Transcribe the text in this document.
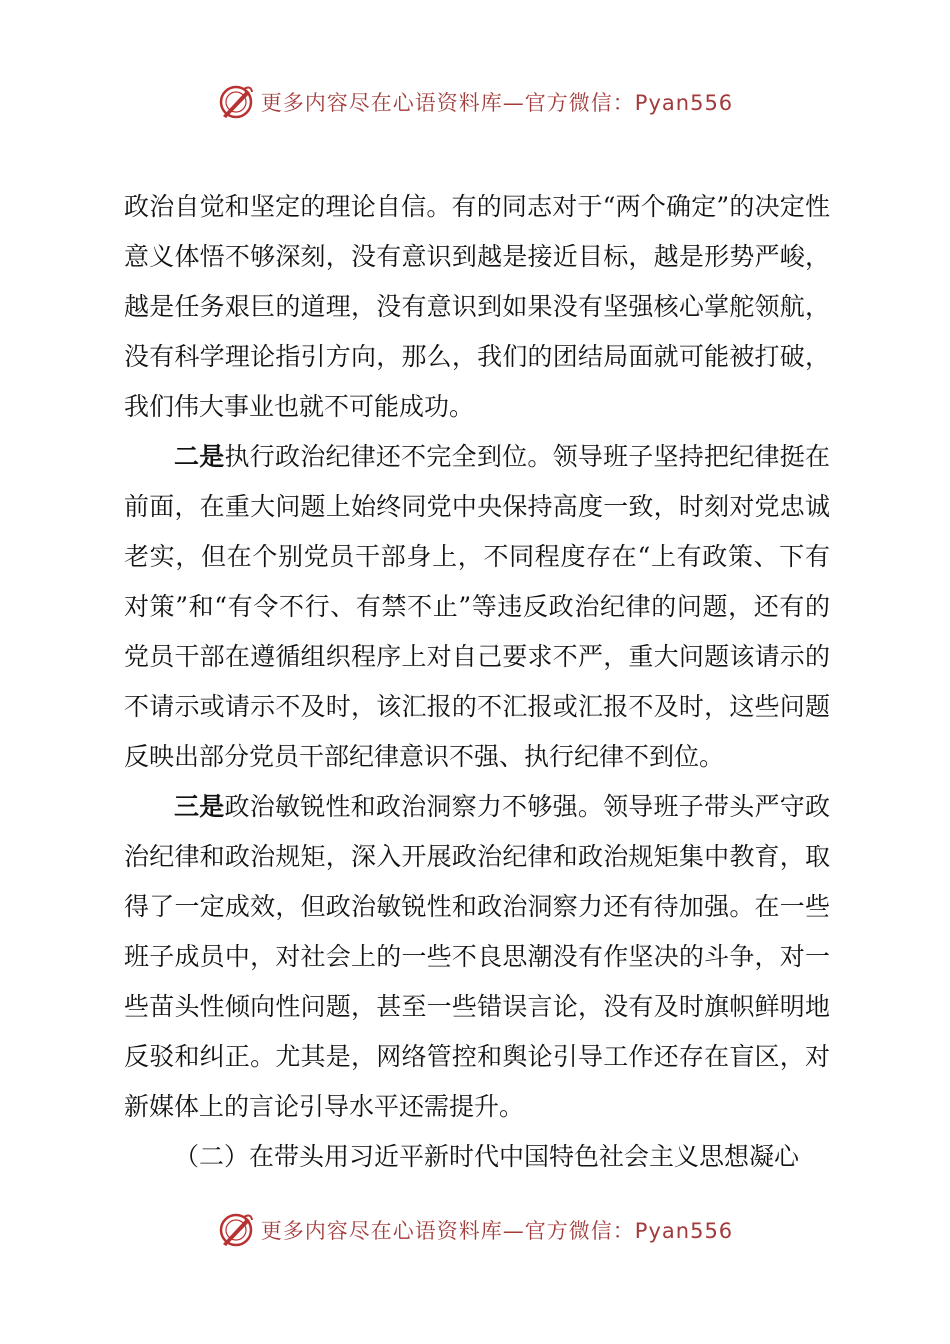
更多内容尽在心语资料库—官方微信：Pyan556

政治自觉和坚定的理论自信。有的同志对于“两个确定”的决定性意义体悟不够深刻，没有意识到越是接近目标，越是形势严峻，越是任务艰巨的道理，没有意识到如果没有坚强核心掌舵领航，没有科学理论指引方向，那么，我们的团结局面就可能被打破，我们伟大事业也就不可能成功。

二是执行政治纪律还不完全到位。领导班子坚持把纪律挺在前面，在重大问题上始终同党中央保持高度一致，时刻对党忠诚老实，但在个别党员干部身上，不同程度存在“上有政策、下有对策”和“有令不行、有禁不止”等违反政治纪律的问题，还有的党员干部在遵循组织程序上对自己要求不严，重大问题该请示的不请示或请示不及时，该汇报的不汇报或汇报不及时，这些问题反映出部分党员干部纪律意识不强、执行纪律不到位。

三是政治敏锐性和政治洞察力不够强。领导班子带头严守政治纪律和政治规矩，深入开展政治纪律和政治规矩集中教育，取得了一定成效，但政治敏锐性和政治洞察力还有待加强。在一些班子成员中，对社会上的一些不良思潮没有作坚决的斗争，对一些苗头性倾向性问题，甚至一些错误言论，没有及时旗帜鲜明地反驳和纠正。尤其是，网络管控和舆论引导工作还存在盲区，对新媒体上的言论引导水平还需提升。

（二）在带头用习近平新时代中国特色社会主义思想凝心

更多内容尽在心语资料库—官方微信：Pyan556
